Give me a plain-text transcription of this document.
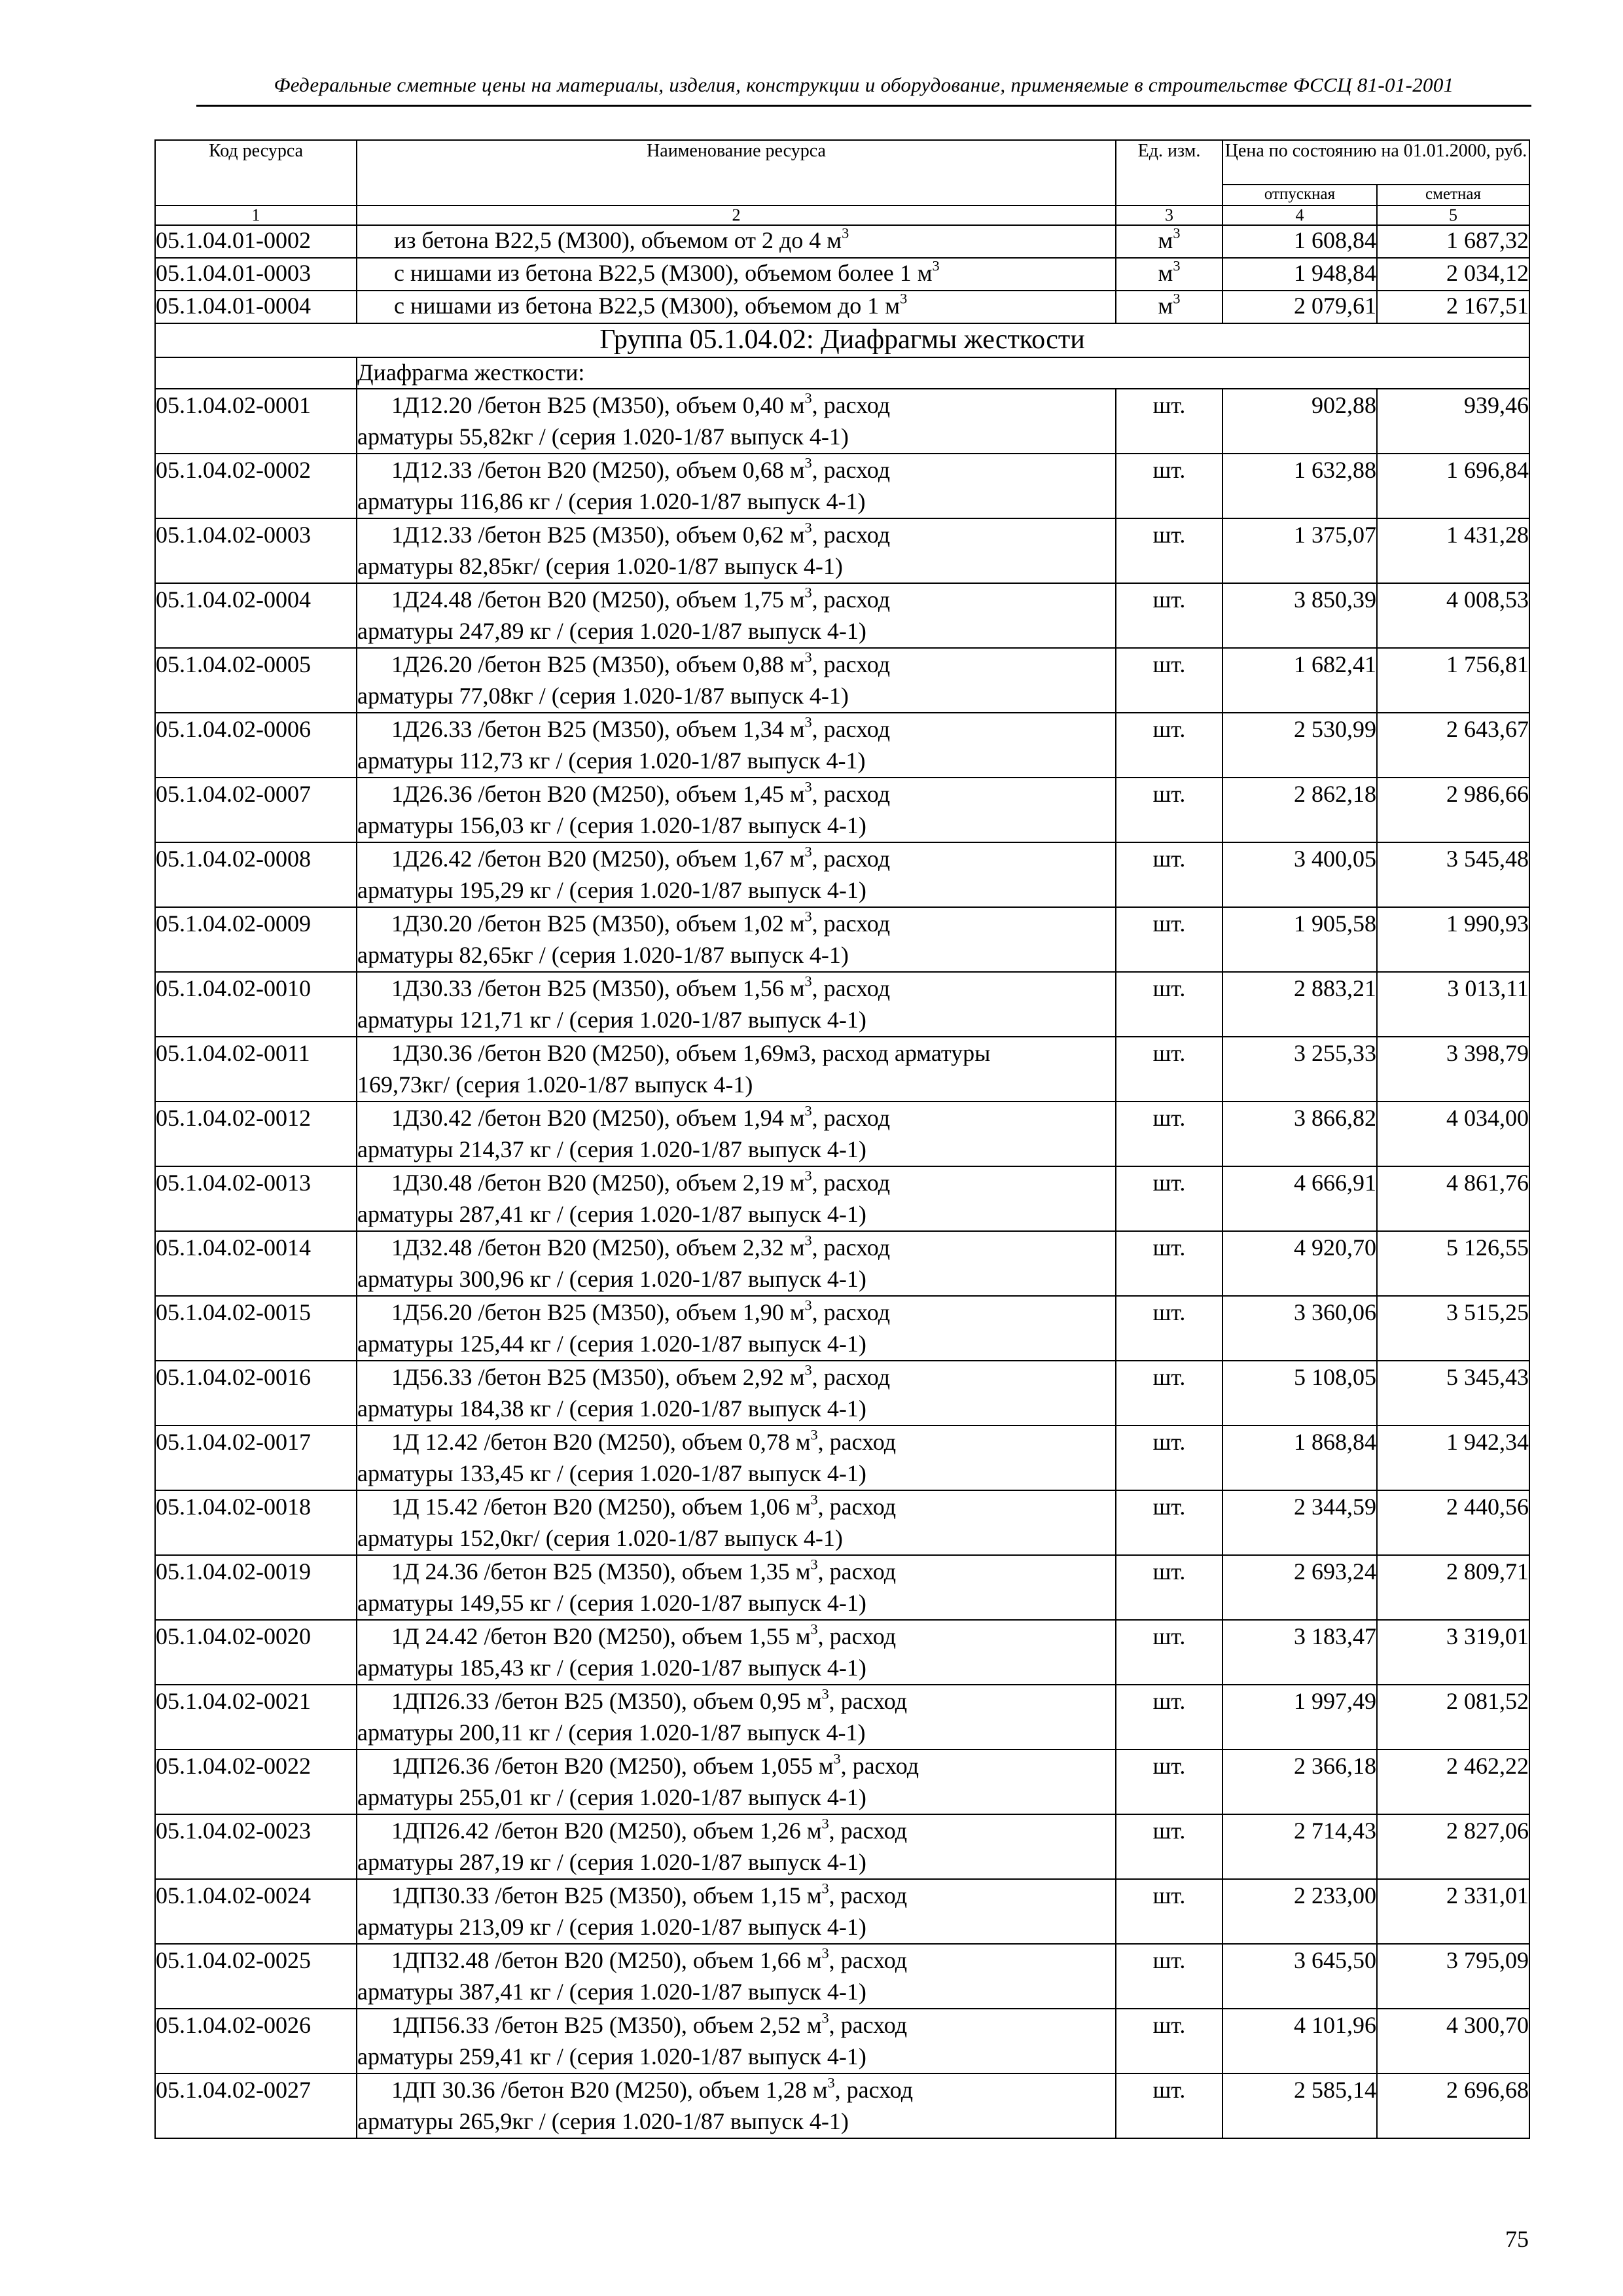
Федеральные сметные цены на материалы, изделия, конструкции и оборудование, применяемые в строительстве ФССЦ 81-01-2001
Код ресурса	Наименование ресурса	Ед. изм.	Цена по состоянию на 01.01.2000, руб.	
			отпускная	сметная
1	2	3	4	5
05.1.04.01-0002	из бетона В22,5 (М300), объемом от 2 до 4 $м^3$	$м^3$	1 608,84	1 687,32
05.1.04.01-0003	с нишами из бетона В22,5 (М300), объемом более 1 $м^3$	$м^3$	1 948,84	2 034,12
05.1.04.01-0004	с нишами из бетона В22,5 (М300), объемом до 1 $м^3$	$м^3$	2 079,61	2 167,51
Группа 05.1.04.02: Диафрагмы жесткости				
	Диафрагма жесткости:			
05.1.04.02-0001	1Д12.20 /бетон В25 (М350), объем 0,40 $м^3$, расход
арматуры 55,82кг / (серия 1.020-1/87 выпуск 4-1)	шт.	902,88	939,46
05.1.04.02-0002	1Д12.33 /бетон В20 (М250), объем 0,68 $м^3$, расход
арматуры 116,86 кг / (серия 1.020-1/87 выпуск 4-1)	шт.	1 632,88	1 696,84
05.1.04.02-0003	1Д12.33 /бетон В25 (М350), объем 0,62 $м^3$, расход
арматуры 82,85кг/ (серия 1.020-1/87 выпуск 4-1)	шт.	1 375,07	1 431,28
05.1.04.02-0004	1Д24.48 /бетон В20 (М250), объем 1,75 $м^3$, расход
арматуры 247,89 кг / (серия 1.020-1/87 выпуск 4-1)	шт.	3 850,39	4 008,53
05.1.04.02-0005	1Д26.20 /бетон В25 (М350), объем 0,88 $м^3$, расход
арматуры 77,08кг / (серия 1.020-1/87 выпуск 4-1)	шт.	1 682,41	1 756,81
05.1.04.02-0006	1Д26.33 /бетон В25 (М350), объем 1,34 $м^3$, расход
арматуры 112,73 кг / (серия 1.020-1/87 выпуск 4-1)	шт.	2 530,99	2 643,67
05.1.04.02-0007	1Д26.36 /бетон В20 (М250), объем 1,45 $м^3$, расход
арматуры 156,03 кг / (серия 1.020-1/87 выпуск 4-1)	шт.	2 862,18	2 986,66
05.1.04.02-0008	1Д26.42 /бетон В20 (М250), объем 1,67 $м^3$, расход
арматуры 195,29 кг / (серия 1.020-1/87 выпуск 4-1)	шт.	3 400,05	3 545,48
05.1.04.02-0009	1Д30.20 /бетон В25 (М350), объем 1,02 $м^3$, расход
арматуры 82,65кг / (серия 1.020-1/87 выпуск 4-1)	шт.	1 905,58	1 990,93
05.1.04.02-0010	1Д30.33 /бетон В25 (М350), объем 1,56 $м^3$, расход
арматуры 121,71 кг / (серия 1.020-1/87 выпуск 4-1)	шт.	2 883,21	3 013,11
05.1.04.02-0011	1Д30.36 /бетон В20 (М250), объем 1,69м3, расход арматуры
169,73кг/ (серия 1.020-1/87 выпуск 4-1)	шт.	3 255,33	3 398,79
05.1.04.02-0012	1Д30.42 /бетон В20 (М250), объем 1,94 $м^3$, расход
арматуры 214,37 кг / (серия 1.020-1/87 выпуск 4-1)	шт.	3 866,82	4 034,00
05.1.04.02-0013	1Д30.48 /бетон В20 (М250), объем 2,19 $м^3$, расход
арматуры 287,41 кг / (серия 1.020-1/87 выпуск 4-1)	шт.	4 666,91	4 861,76
05.1.04.02-0014	1Д32.48 /бетон В20 (М250), объем 2,32 $м^3$, расход
арматуры 300,96 кг / (серия 1.020-1/87 выпуск 4-1)	шт.	4 920,70	5 126,55
05.1.04.02-0015	1Д56.20 /бетон В25 (М350), объем 1,90 $м^3$, расход
арматуры 125,44 кг / (серия 1.020-1/87 выпуск 4-1)	шт.	3 360,06	3 515,25
05.1.04.02-0016	1Д56.33 /бетон В25 (М350), объем 2,92 $м^3$, расход
арматуры 184,38 кг / (серия 1.020-1/87 выпуск 4-1)	шт.	5 108,05	5 345,43
05.1.04.02-0017	1Д 12.42 /бетон В20 (М250), объем 0,78 $м^3$, расход
арматуры 133,45 кг / (серия 1.020-1/87 выпуск 4-1)	шт.	1 868,84	1 942,34
05.1.04.02-0018	1Д 15.42 /бетон В20 (М250), объем 1,06 $м^3$, расход
арматуры 152,0кг/ (серия 1.020-1/87 выпуск 4-1)	шт.	2 344,59	2 440,56
05.1.04.02-0019	1Д 24.36 /бетон В25 (М350), объем 1,35 $м^3$, расход
арматуры 149,55 кг / (серия 1.020-1/87 выпуск 4-1)	шт.	2 693,24	2 809,71
05.1.04.02-0020	1Д 24.42 /бетон В20 (М250), объем 1,55 $м^3$, расход
арматуры 185,43 кг / (серия 1.020-1/87 выпуск 4-1)	шт.	3 183,47	3 319,01
05.1.04.02-0021	1ДП26.33 /бетон В25 (М350), объем 0,95 $м^3$, расход
арматуры 200,11 кг / (серия 1.020-1/87 выпуск 4-1)	шт.	1 997,49	2 081,52
05.1.04.02-0022	1ДП26.36 /бетон В20 (М250), объем 1,055 $м^3$, расход
арматуры 255,01 кг / (серия 1.020-1/87 выпуск 4-1)	шт.	2 366,18	2 462,22
05.1.04.02-0023	1ДП26.42 /бетон В20 (М250), объем 1,26 $м^3$, расход
арматуры 287,19 кг / (серия 1.020-1/87 выпуск 4-1)	шт.	2 714,43	2 827,06
05.1.04.02-0024	1ДП30.33 /бетон В25 (М350), объем 1,15 $м^3$, расход
арматуры 213,09 кг / (серия 1.020-1/87 выпуск 4-1)	шт.	2 233,00	2 331,01
05.1.04.02-0025	1ДП32.48 /бетон В20 (М250), объем 1,66 $м^3$, расход
арматуры 387,41 кг / (серия 1.020-1/87 выпуск 4-1)	шт.	3 645,50	3 795,09
05.1.04.02-0026	1ДП56.33 /бетон В25 (М350), объем 2,52 $м^3$, расход
арматуры 259,41 кг / (серия 1.020-1/87 выпуск 4-1)	шт.	4 101,96	4 300,70
05.1.04.02-0027	1ДП 30.36 /бетон В20 (М250), объем 1,28 $м^3$, расход
арматуры 265,9кг / (серия 1.020-1/87 выпуск 4-1)	шт.	2 585,14	2 696,68
75
